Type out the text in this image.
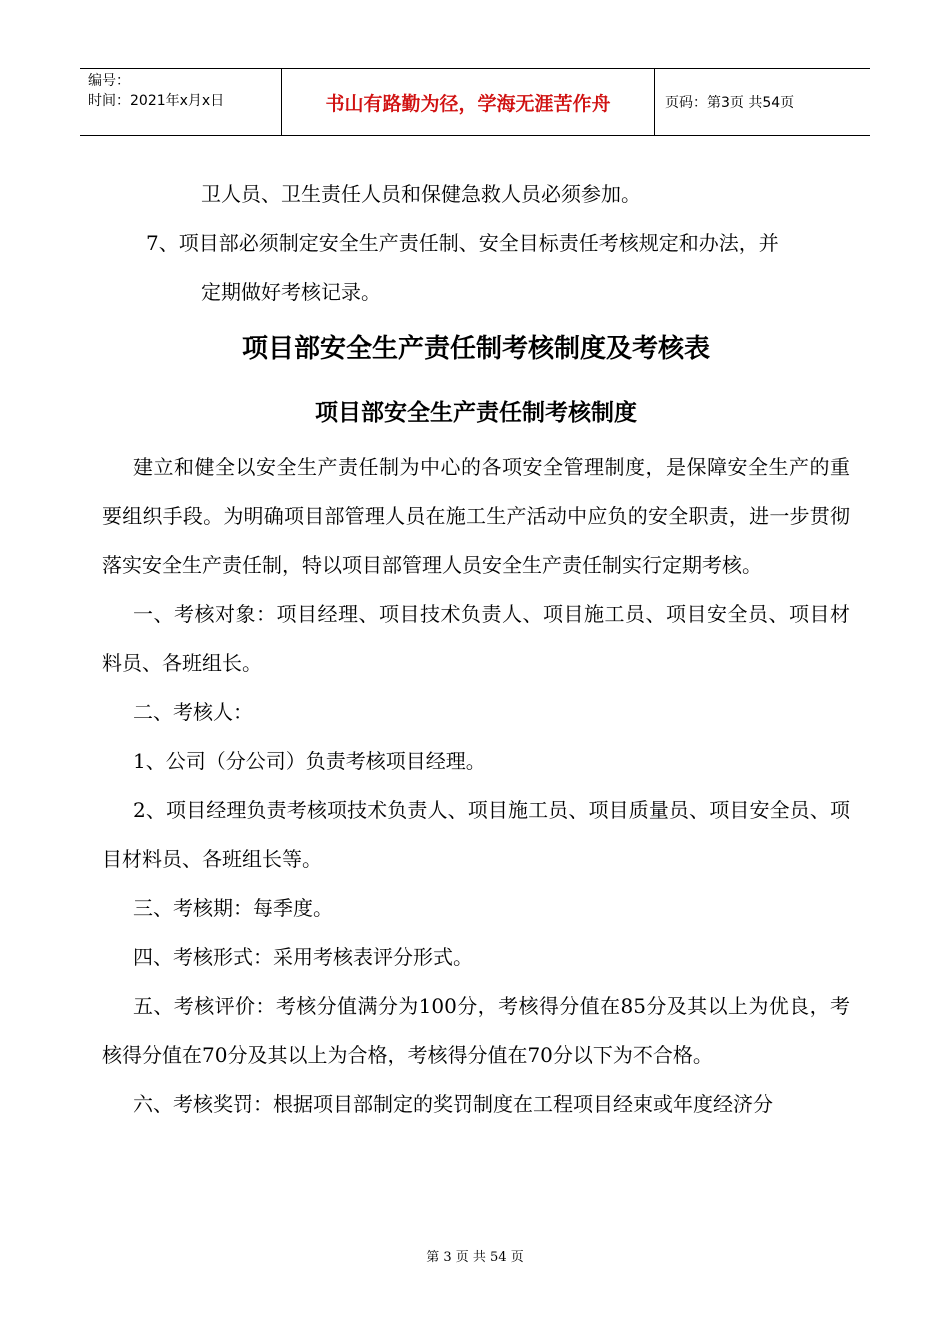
编号：
时间：2021年x月x日	书山有路勤为径，学海无涯苦作舟	页码：第3页 共54页

卫人员、卫生责任人员和保健急救人员必须参加。

7、项目部必须制定安全生产责任制、安全目标责任考核规定和办法，并

定期做好考核记录。

项目部安全生产责任制考核制度及考核表
项目部安全生产责任制考核制度

建立和健全以安全生产责任制为中心的各项安全管理制度，是保障安全生产的重要组织手段。为明确项目部管理人员在施工生产活动中应负的安全职责，进一步贯彻落实安全生产责任制，特以项目部管理人员安全生产责任制实行定期考核。

一、考核对象：项目经理、项目技术负责人、项目施工员、项目安全员、项目材料员、各班组长。

二、考核人：

1、公司（分公司）负责考核项目经理。

2、项目经理负责考核项技术负责人、项目施工员、项目质量员、项目安全员、项目材料员、各班组长等。

三、考核期：每季度。

四、考核形式：采用考核表评分形式。

五、考核评价：考核分值满分为100分，考核得分值在85分及其以上为优良，考核得分值在70分及其以上为合格，考核得分值在70分以下为不合格。

六、考核奖罚：根据项目部制定的奖罚制度在工程项目经束或年度经济分

第 3 页 共 54 页
